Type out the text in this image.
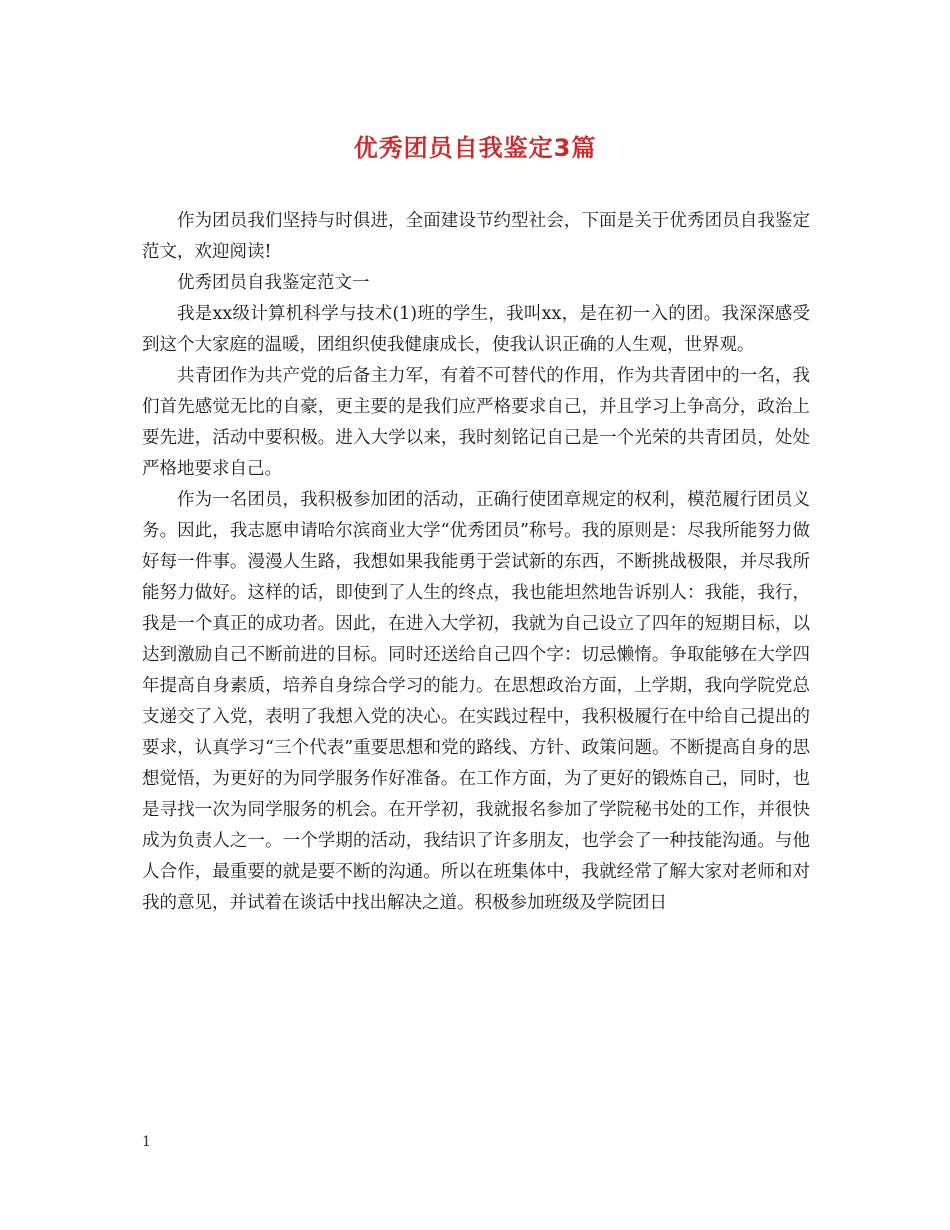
优秀团员自我鉴定3篇

作为团员我们坚持与时俱进，全面建设节约型社会，下面是关于优秀团员自我鉴定范文，欢迎阅读!

优秀团员自我鉴定范文一

我是xx级计算机科学与技术(1)班的学生，我叫xx，是在初一入的团。我深深感受到这个大家庭的温暖，团组织使我健康成长，使我认识正确的人生观，世界观。

共青团作为共产党的后备主力军，有着不可替代的作用，作为共青团中的一名，我们首先感觉无比的自豪，更主要的是我们应严格要求自己，并且学习上争高分，政治上要先进，活动中要积极。进入大学以来，我时刻铭记自己是一个光荣的共青团员，处处严格地要求自己。

作为一名团员，我积极参加团的活动，正确行使团章规定的权利，模范履行团员义务。因此，我志愿申请哈尔滨商业大学“优秀团员”称号。我的原则是：尽我所能努力做好每一件事。漫漫人生路，我想如果我能勇于尝试新的东西，不断挑战极限，并尽我所能努力做好。这样的话，即使到了人生的终点，我也能坦然地告诉别人：我能，我行，我是一个真正的成功者。因此，在进入大学初，我就为自己设立了四年的短期目标，以达到激励自己不断前进的目标。同时还送给自己四个字：切忌懒惰。争取能够在大学四年提高自身素质，培养自身综合学习的能力。在思想政治方面，上学期，我向学院党总支递交了入党，表明了我想入党的决心。在实践过程中，我积极履行在中给自己提出的要求，认真学习“三个代表”重要思想和党的路线、方针、政策问题。不断提高自身的思想觉悟，为更好的为同学服务作好准备。在工作方面，为了更好的锻炼自己，同时，也是寻找一次为同学服务的机会。在开学初，我就报名参加了学院秘书处的工作，并很快成为负责人之一。一个学期的活动，我结识了许多朋友，也学会了一种技能沟通。与他人合作，最重要的就是要不断的沟通。所以在班集体中，我就经常了解大家对老师和对我的意见，并试着在谈话中找出解决之道。积极参加班级及学院团日

1
